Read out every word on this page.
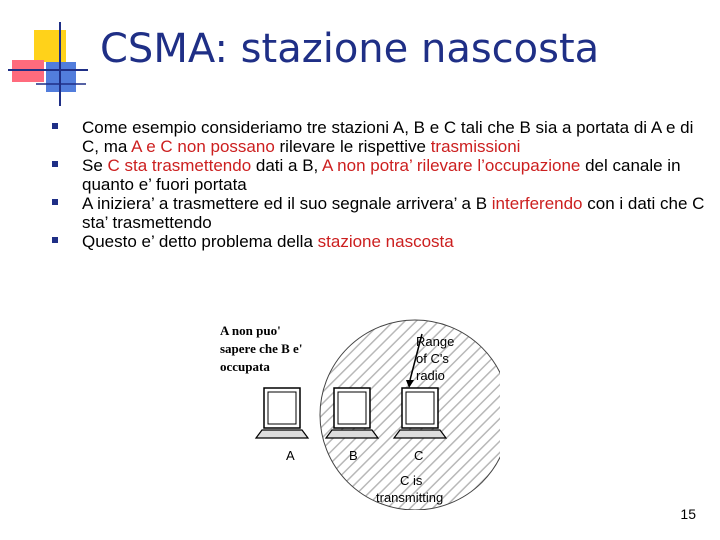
CSMA: stazione nascosta
Come esempio consideriamo tre stazioni A, B e C tali che B sia a portata di A e di C, ma A e C non possano rilevare le rispettive trasmissioni
Se C sta trasmettendo dati a B, A non potra’ rilevare l’occupazione del canale in quanto e’ fuori portata
A iniziera’ a trasmettere ed il suo segnale arrivera’ a B interferendo con i dati che C sta’ trasmettendo
Questo e’ detto problema della stazione nascosta
A non puo'
sapere che B e'
occupata
Range
of C's
radio
A	B	C
C is
transmitting
15
